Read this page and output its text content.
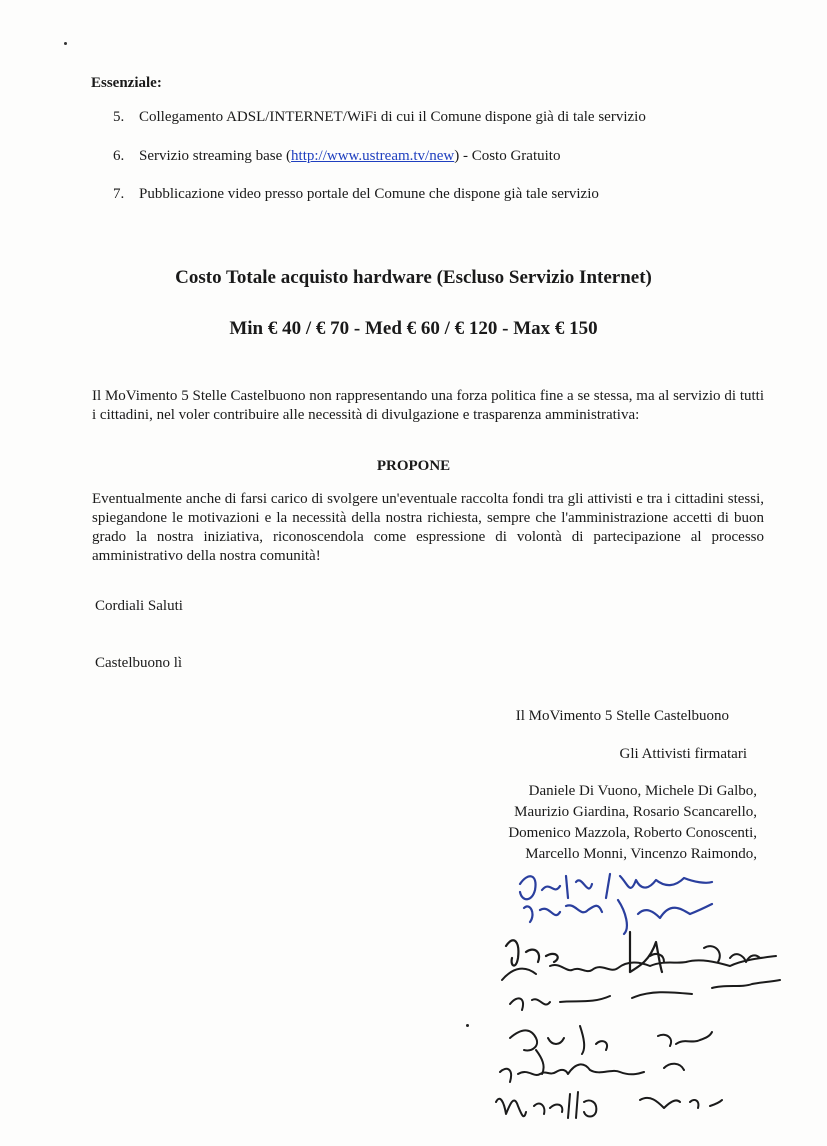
Essenziale:
5. Collegamento ADSL/INTERNET/WiFi di cui il Comune dispone già di tale servizio
6. Servizio streaming base (http://www.ustream.tv/new) - Costo Gratuito
7. Pubblicazione video presso portale del Comune che dispone già tale servizio
Costo Totale acquisto hardware (Escluso Servizio Internet)
Min € 40 / € 70 - Med € 60 / € 120 - Max € 150
Il MoVimento 5 Stelle Castelbuono non rappresentando una forza politica fine a se stessa, ma al servizio di tutti i cittadini, nel voler contribuire alle necessità di divulgazione e trasparenza amministrativa:
PROPONE
Eventualmente anche di farsi carico di svolgere un'eventuale raccolta fondi tra gli attivisti e tra i cittadini stessi, spiegandone le motivazioni e la necessità della nostra richiesta, sempre che l'amministrazione accetti di buon grado la nostra iniziativa, riconoscendola come espressione di volontà di partecipazione al processo amministrativo della nostra comunità!
Cordiali Saluti
Castelbuono lì
Il MoVimento 5 Stelle Castelbuono
Gli Attivisti firmatari
Daniele Di Vuono, Michele Di Galbo,
Maurizio Giardina, Rosario Scancarello,
Domenico Mazzola, Roberto Conoscenti,
Marcello Monni, Vincenzo Raimondo,
